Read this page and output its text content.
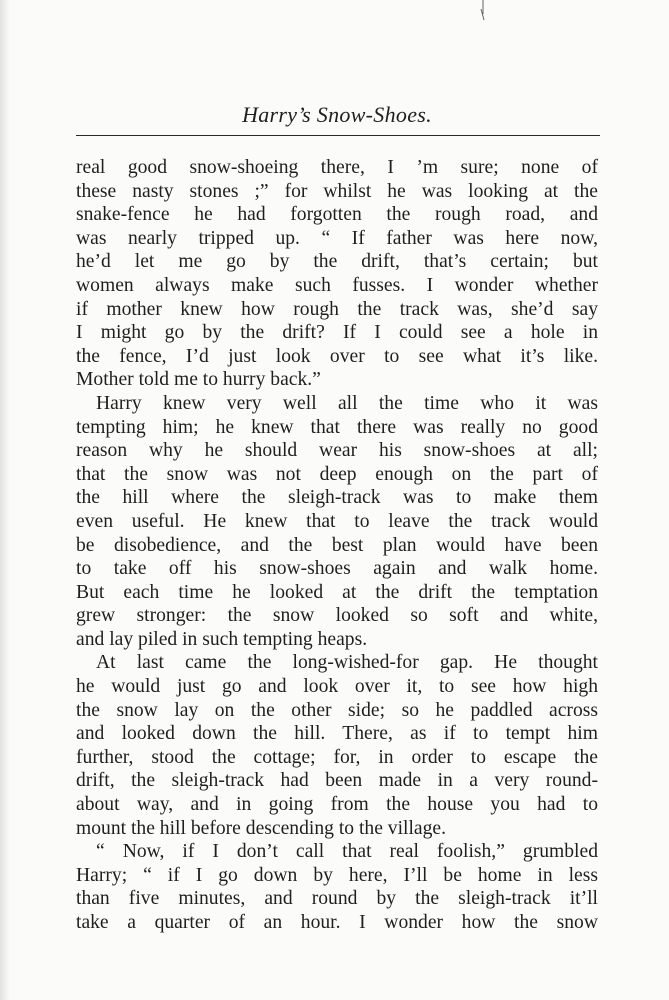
Harry’s Snow-Shoes.
real good snow-shoeing there, I ’m sure; none of
these nasty stones ;” for whilst he was looking at the
snake-fence he had forgotten the rough road, and
was nearly tripped up. “ If father was here now,
he’d let me go by the drift, that’s certain; but
women always make such fusses. I wonder whether
if mother knew how rough the track was, she’d say
I might go by the drift? If I could see a hole in
the fence, I’d just look over to see what it’s like.
Mother told me to hurry back.”
Harry knew very well all the time who it was
tempting him; he knew that there was really no good
reason why he should wear his snow-shoes at all;
that the snow was not deep enough on the part of
the hill where the sleigh-track was to make them
even useful. He knew that to leave the track would
be disobedience, and the best plan would have been
to take off his snow-shoes again and walk home.
But each time he looked at the drift the temptation
grew stronger: the snow looked so soft and white,
and lay piled in such tempting heaps.
At last came the long-wished-for gap. He thought
he would just go and look over it, to see how high
the snow lay on the other side; so he paddled across
and looked down the hill. There, as if to tempt him
further, stood the cottage; for, in order to escape the
drift, the sleigh-track had been made in a very round-
about way, and in going from the house you had to
mount the hill before descending to the village.
“ Now, if I don’t call that real foolish,” grumbled
Harry; “ if I go down by here, I’ll be home in less
than five minutes, and round by the sleigh-track it’ll
take a quarter of an hour. I wonder how the snow
